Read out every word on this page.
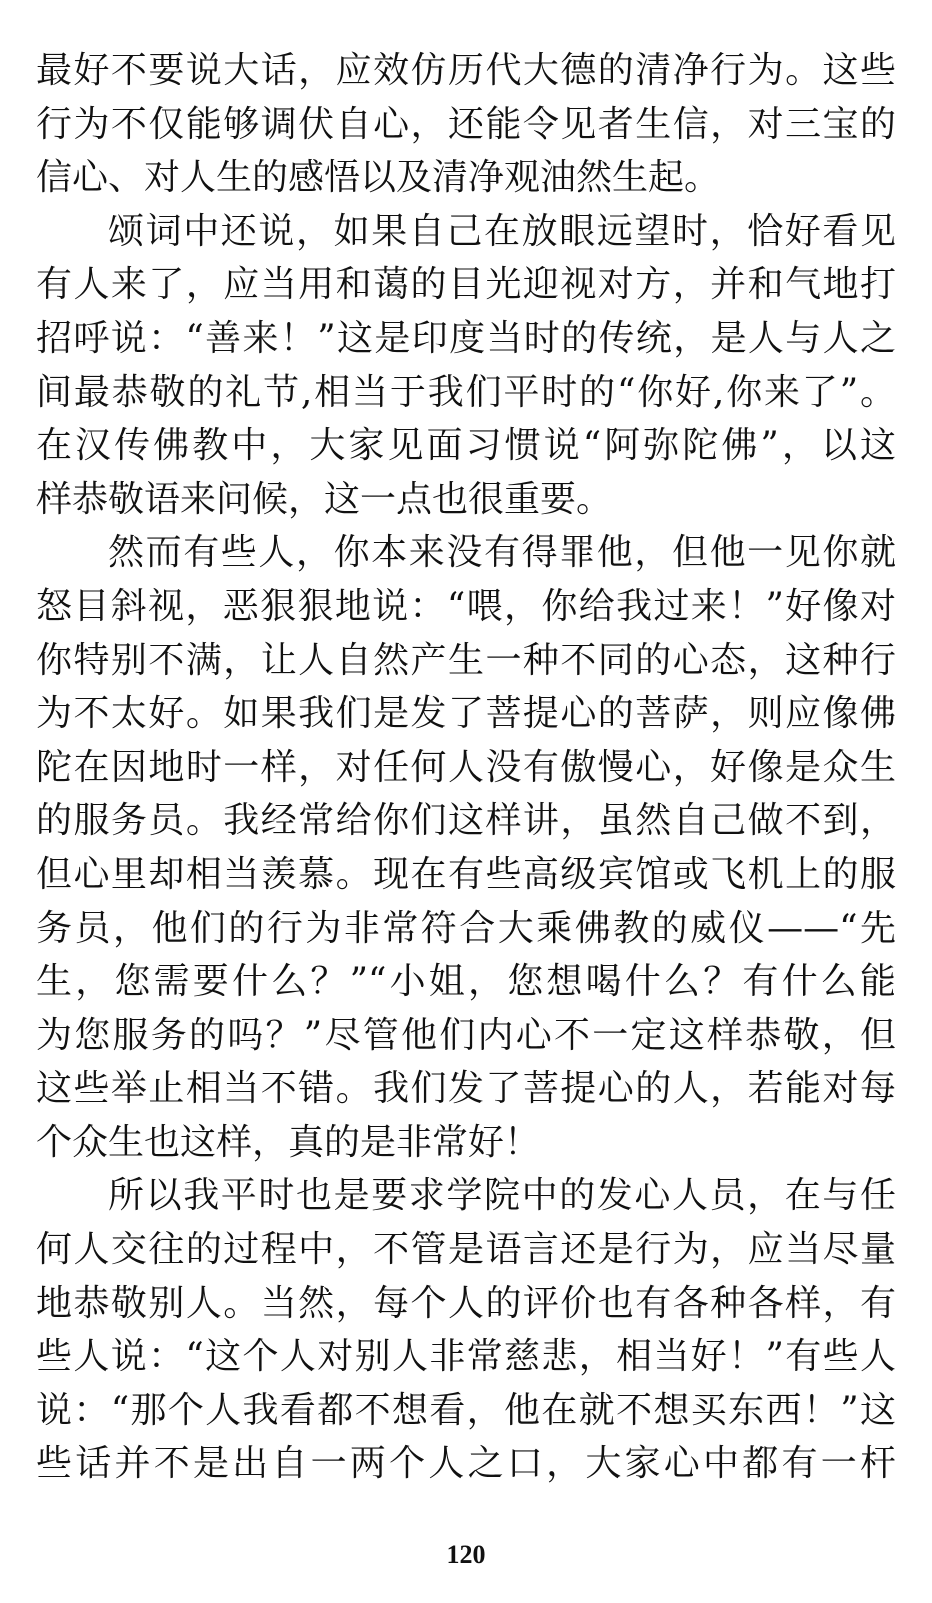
最好不要说大话，应效仿历代大德的清净行为。这些
行为不仅能够调伏自心，还能令见者生信，对三宝的
信心、对人生的感悟以及清净观油然生起。
颂词中还说，如果自己在放眼远望时，恰好看见
有人来了，应当用和蔼的目光迎视对方，并和气地打
招呼说：“善来！”这是印度当时的传统，是人与人之
间最恭敬的礼节,相当于我们平时的“你好,你来了”。
在汉传佛教中，大家见面习惯说“阿弥陀佛”，以这
样恭敬语来问候，这一点也很重要。
然而有些人，你本来没有得罪他，但他一见你就
怒目斜视，恶狠狠地说：“喂，你给我过来！”好像对
你特别不满，让人自然产生一种不同的心态，这种行
为不太好。如果我们是发了菩提心的菩萨，则应像佛
陀在因地时一样，对任何人没有傲慢心，好像是众生
的服务员。我经常给你们这样讲，虽然自己做不到，
但心里却相当羡慕。现在有些高级宾馆或飞机上的服
务员，他们的行为非常符合大乘佛教的威仪——“先
生，您需要什么？”“小姐，您想喝什么？有什么能
为您服务的吗？”尽管他们内心不一定这样恭敬，但
这些举止相当不错。我们发了菩提心的人，若能对每
个众生也这样，真的是非常好！
所以我平时也是要求学院中的发心人员，在与任
何人交往的过程中，不管是语言还是行为，应当尽量
地恭敬别人。当然，每个人的评价也有各种各样，有
些人说：“这个人对别人非常慈悲，相当好！”有些人
说：“那个人我看都不想看，他在就不想买东西！”这
些话并不是出自一两个人之口，大家心中都有一杆
120
